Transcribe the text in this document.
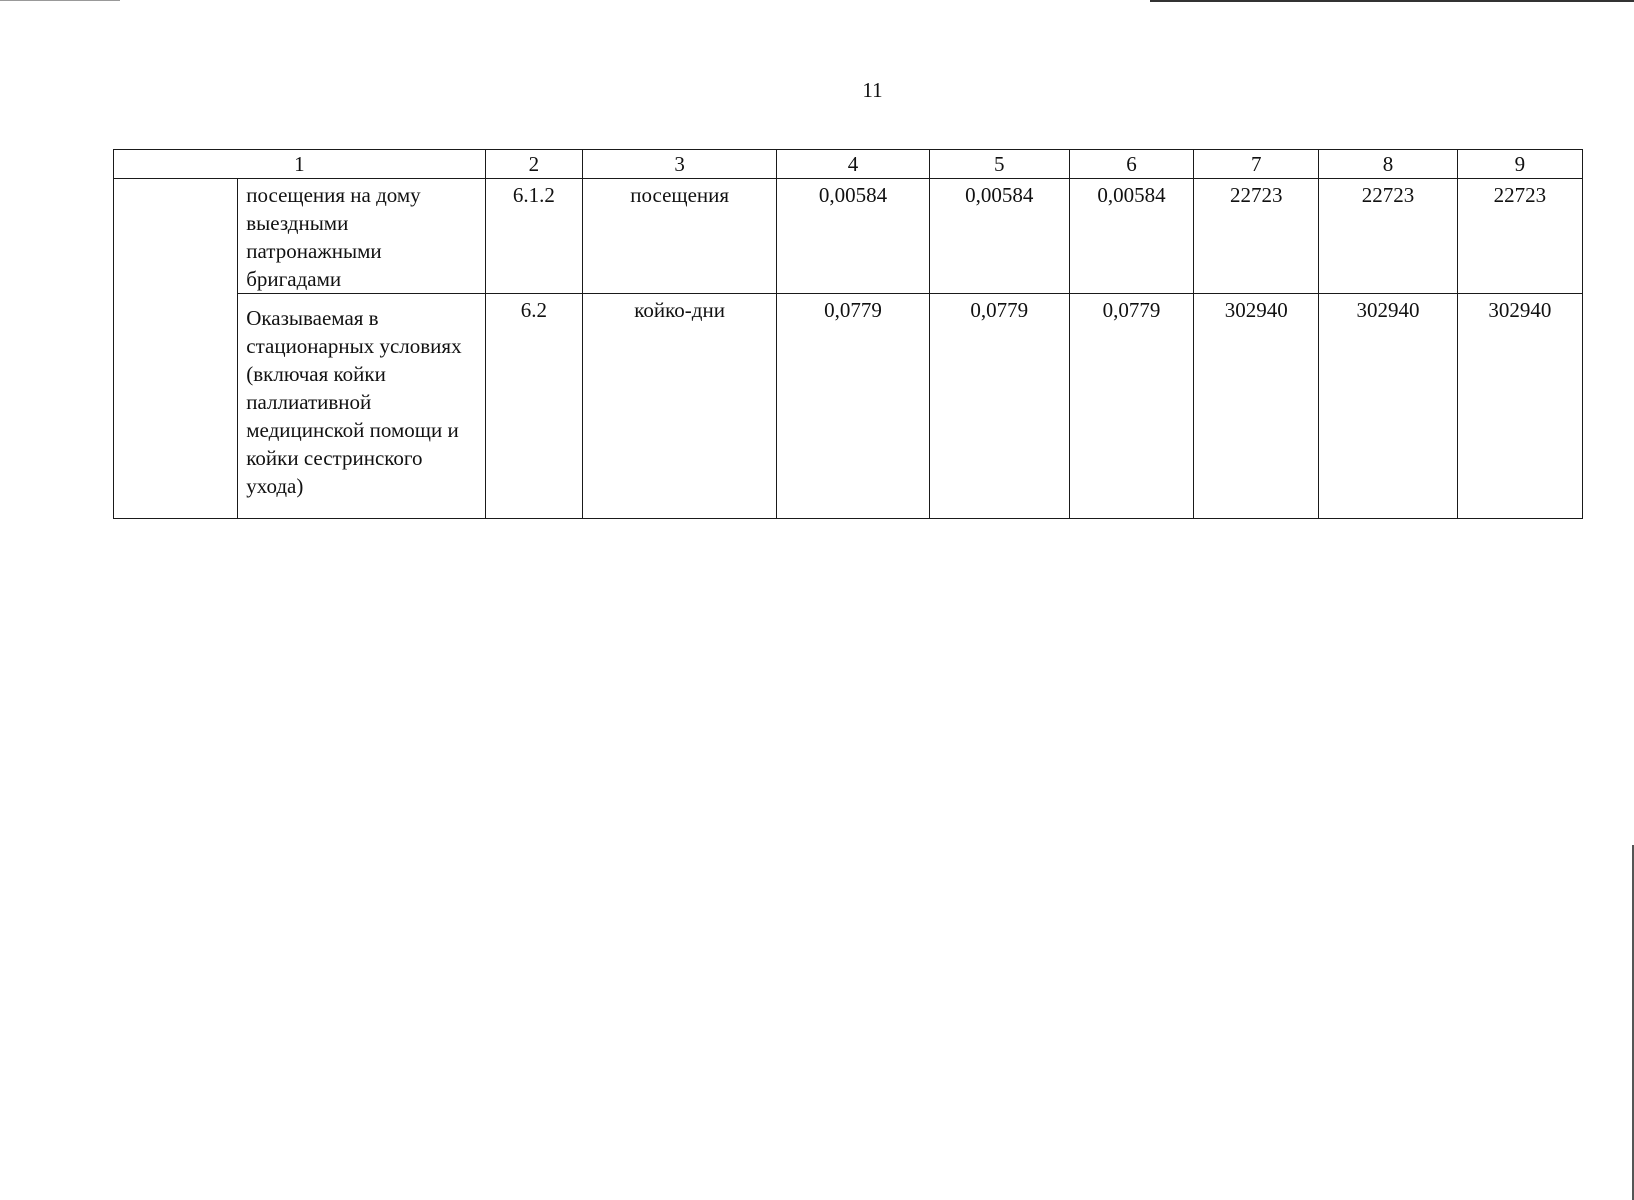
11
1		2	3	4	5	6	7	8	9
	посещения на дому выездными патронажными бригадами	6.1.2	посещения	0,00584	0,00584	0,00584	22723	22723	22723
	Оказываемая в стационарных условиях (включая койки паллиативной медицинской помощи и койки сестринского ухода)	6.2	койко-дни	0,0779	0,0779	0,0779	302940	302940	302940
